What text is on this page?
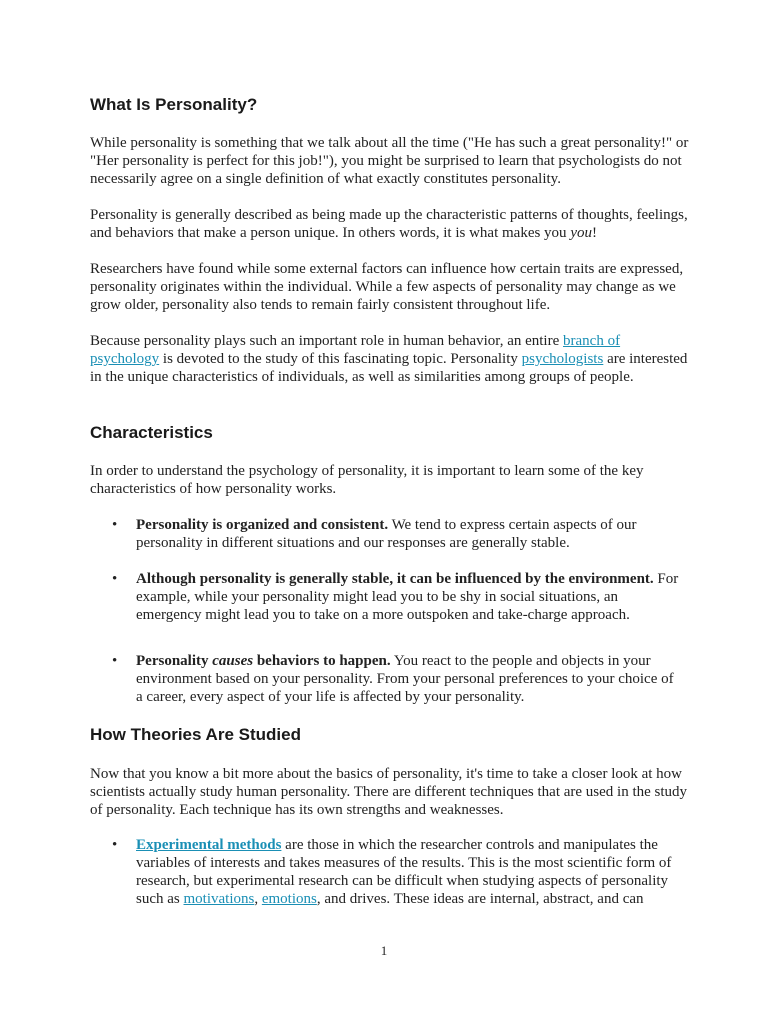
What Is Personality?

While personality is something that we talk about all the time ("He has such a great personality!" or "Her personality is perfect for this job!"), you might be surprised to learn that psychologists do not necessarily agree on a single definition of what exactly constitutes personality.

Personality is generally described as being made up the characteristic patterns of thoughts, feelings, and behaviors that make a person unique. In others words, it is what makes you you!

Researchers have found while some external factors can influence how certain traits are expressed, personality originates within the individual. While a few aspects of personality may change as we grow older, personality also tends to remain fairly consistent throughout life.

Because personality plays such an important role in human behavior, an entire branch of psychology is devoted to the study of this fascinating topic. Personality psychologists are interested in the unique characteristics of individuals, as well as similarities among groups of people.

Characteristics

In order to understand the psychology of personality, it is important to learn some of the key characteristics of how personality works.

• Personality is organized and consistent. We tend to express certain aspects of our personality in different situations and our responses are generally stable.
• Although personality is generally stable, it can be influenced by the environment. For example, while your personality might lead you to be shy in social situations, an emergency might lead you to take on a more outspoken and take-charge approach.
• Personality causes behaviors to happen. You react to the people and objects in your environment based on your personality. From your personal preferences to your choice of a career, every aspect of your life is affected by your personality.
How Theories Are Studied

Now that you know a bit more about the basics of personality, it's time to take a closer look at how scientists actually study human personality. There are different techniques that are used in the study of personality. Each technique has its own strengths and weaknesses.

• Experimental methods are those in which the researcher controls and manipulates the variables of interests and takes measures of the results. This is the most scientific form of research, but experimental research can be difficult when studying aspects of personality such as motivations, emotions, and drives. These ideas are internal, abstract, and can
1
